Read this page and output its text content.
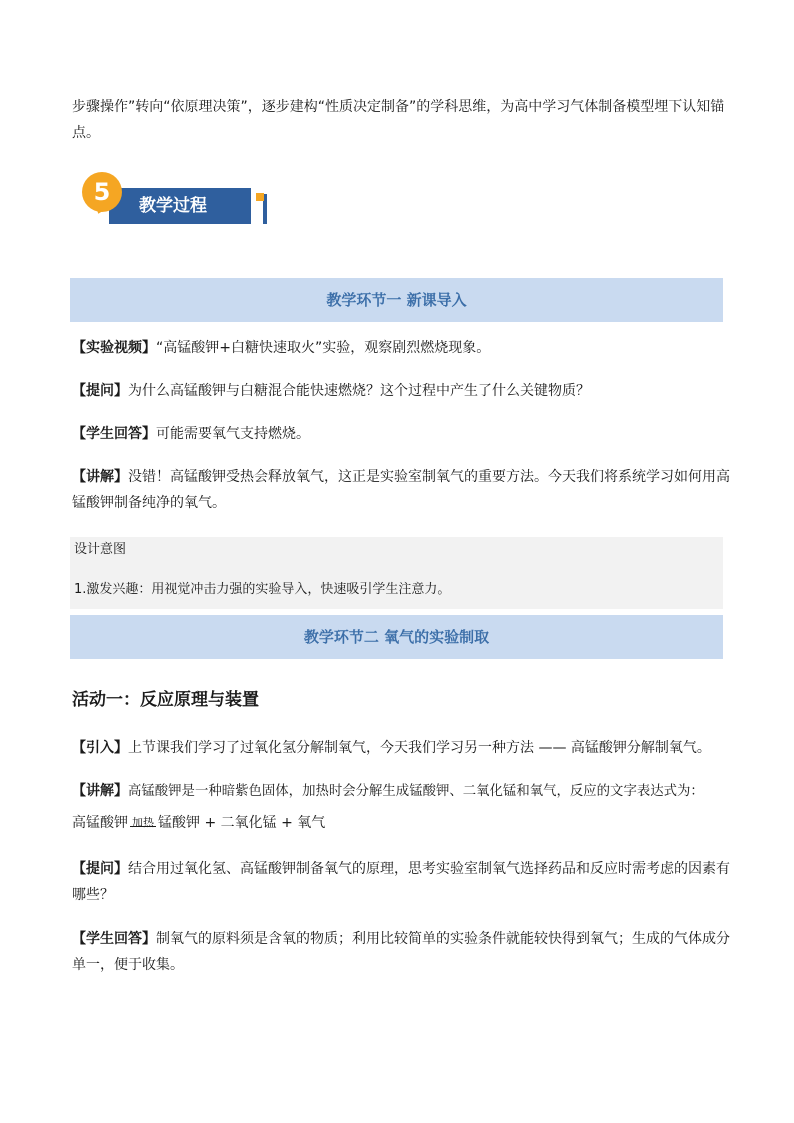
步骤操作”转向“依原理决策”，逐步建构“性质决定制备”的学科思维，为高中学习气体制备模型埋下认知锚点。
教学过程
5
教学环节一 新课导入
【实验视频】“高锰酸钾+白糖快速取火”实验，观察剧烈燃烧现象。
【提问】为什么高锰酸钾与白糖混合能快速燃烧？这个过程中产生了什么关键物质？
【学生回答】可能需要氧气支持燃烧。
【讲解】没错！高锰酸钾受热会释放氧气，这正是实验室制氧气的重要方法。今天我们将系统学习如何用高锰酸钾制备纯净的氧气。
设计意图
1.激发兴趣：用视觉冲击力强的实验导入，快速吸引学生注意力。
教学环节二 氧气的实验制取
活动一：反应原理与装置
【引入】上节课我们学习了过氧化氢分解制氧气，今天我们学习另一种方法 —— 高锰酸钾分解制氧气。
【讲解】高锰酸钾是一种暗紫色固体，加热时会分解生成锰酸钾、二氧化锰和氧气，反应的文字表达式为：
高锰酸钾 加热 锰酸钾 + 二氧化锰 + 氧气
【提问】结合用过氧化氢、高锰酸钾制备氧气的原理，思考实验室制氧气选择药品和反应时需考虑的因素有哪些？
【学生回答】制氧气的原料须是含氧的物质；利用比较简单的实验条件就能较快得到氧气；生成的气体成分单一，便于收集。
